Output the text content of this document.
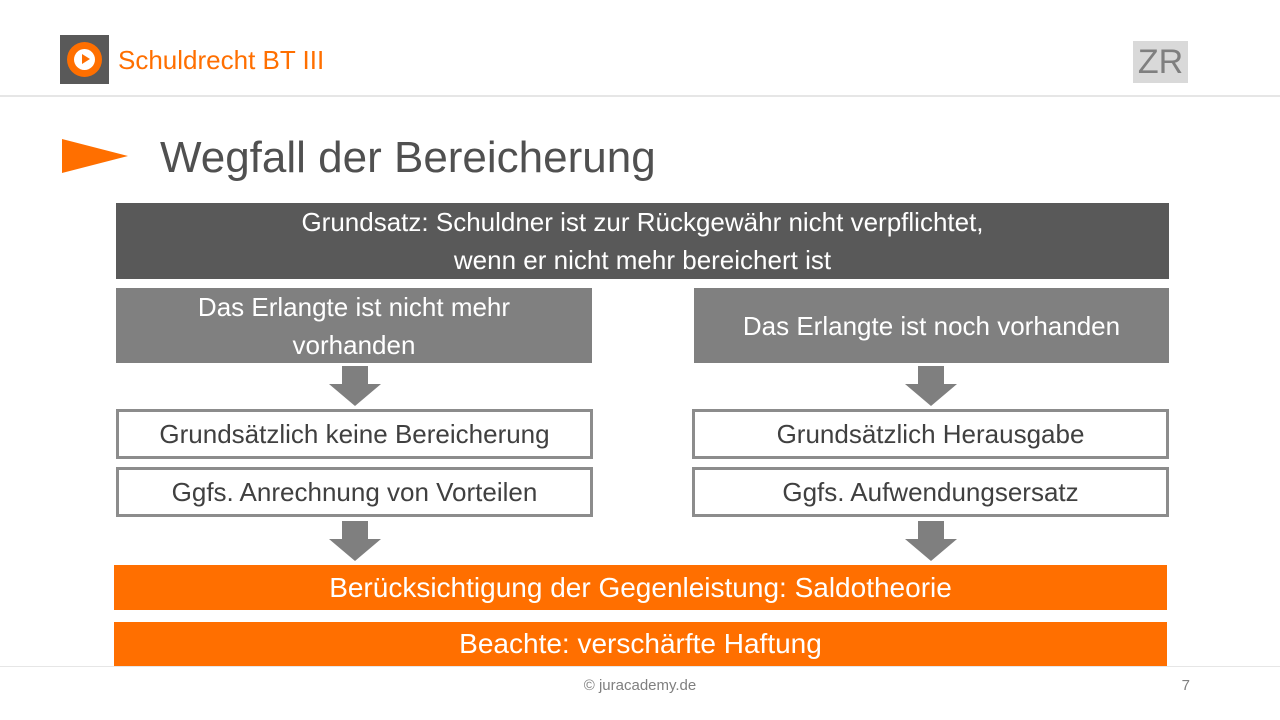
Schuldrecht BT III	ZR
Wegfall der Bereicherung
Grundsatz: Schuldner ist zur Rückgewähr nicht verpflichtet,
wenn er nicht mehr bereichert ist
Das Erlangte ist nicht mehr
vorhanden
Das Erlangte ist noch vorhanden
Grundsätzlich keine Bereicherung	Grundsätzlich Herausgabe
Ggfs. Anrechnung von Vorteilen	Ggfs. Aufwendungsersatz
Berücksichtigung der Gegenleistung: Saldotheorie
Beachte: verschärfte Haftung
© juracademy.de	7
